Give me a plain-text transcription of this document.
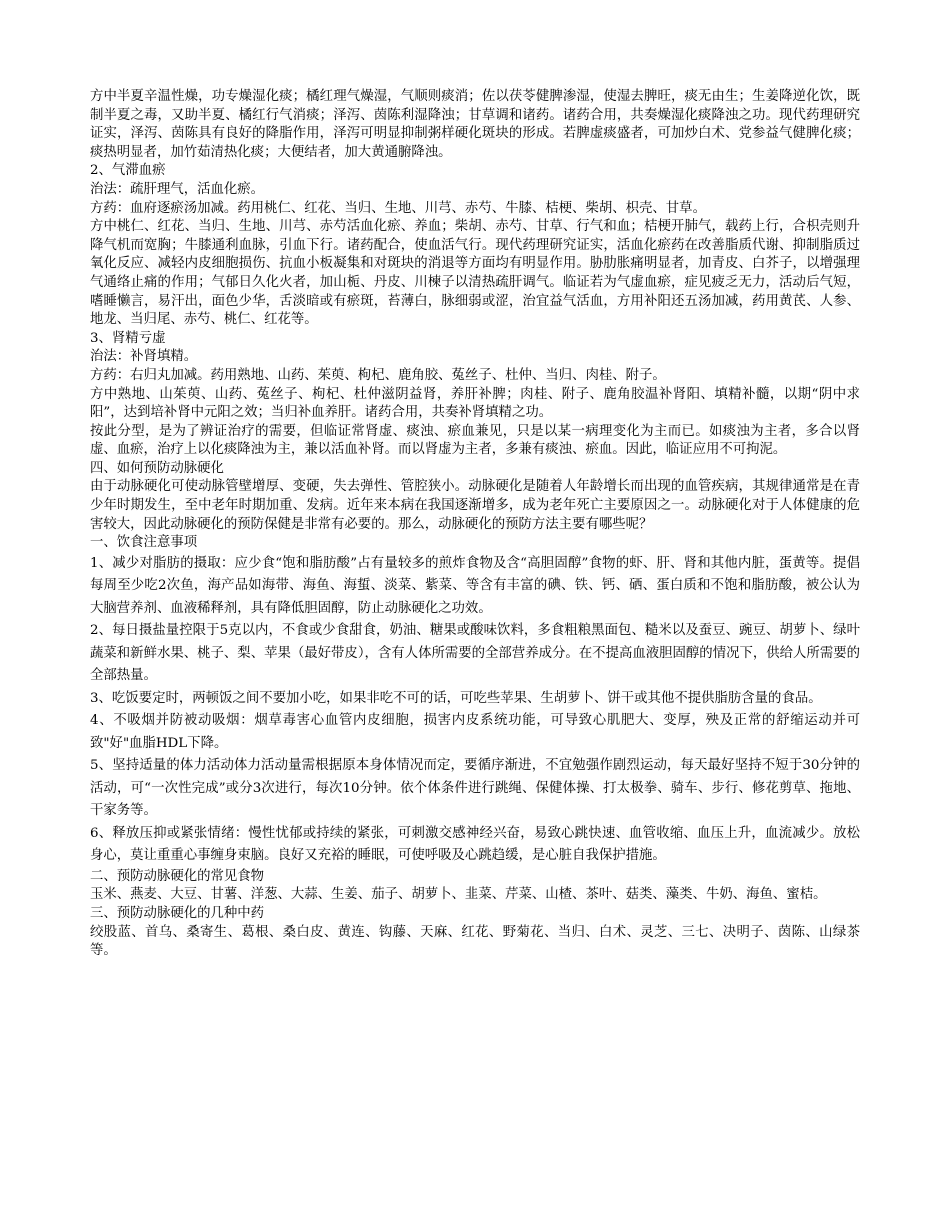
方中半夏辛温性燥，功专燥湿化痰；橘红理气燥湿，气顺则痰消；佐以茯苓健脾渗湿，使湿去脾旺，痰无由生；生姜降逆化饮，既制半夏之毒，又助半夏、橘红行气消痰；泽泻、茵陈利湿降浊；甘草调和诸药。诸药合用，共奏燥湿化痰降浊之功。现代药理研究证实，泽泻、茵陈具有良好的降脂作用，泽泻可明显抑制粥样硬化斑块的形成。若脾虚痰盛者，可加炒白术、党参益气健脾化痰；痰热明显者，加竹茹清热化痰；大便结者，加大黄通腑降浊。

2、气滞血瘀

治法：疏肝理气，活血化瘀。

方药：血府逐瘀汤加减。药用桃仁、红花、当归、生地、川芎、赤芍、牛膝、桔梗、柴胡、枳壳、甘草。

方中桃仁、红花、当归、生地、川芎、赤芍活血化瘀、养血；柴胡、赤芍、甘草、行气和血；桔梗开肺气，载药上行，合枳壳则升降气机而宽胸；牛膝通利血脉，引血下行。诸药配合，使血活气行。现代药理研究证实，活血化瘀药在改善脂质代谢、抑制脂质过氧化反应、减轻内皮细胞损伤、抗血小板凝集和对斑块的消退等方面均有明显作用。胁肋胀痛明显者，加青皮、白芥子，以增强理气通络止痛的作用；气郁日久化火者，加山栀、丹皮、川楝子以清热疏肝调气。临证若为气虚血瘀，症见疲乏无力，活动后气短，嗜睡懒言，易汗出，面色少华，舌淡暗或有瘀斑，苔薄白，脉细弱或涩，治宜益气活血，方用补阳还五汤加减，药用黄芪、人参、地龙、当归尾、赤芍、桃仁、红花等。

3、肾精亏虚

治法：补肾填精。

方药：右归丸加减。药用熟地、山药、茱萸、枸杞、鹿角胶、菟丝子、杜仲、当归、肉桂、附子。

方中熟地、山茱萸、山药、菟丝子、枸杞、杜仲滋阴益肾，养肝补脾；肉桂、附子、鹿角胶温补肾阳、填精补髓，以期“阴中求阳”，达到培补肾中元阳之效；当归补血养肝。诸药合用，共奏补肾填精之功。

按此分型，是为了辨证治疗的需要，但临证常肾虚、痰浊、瘀血兼见，只是以某一病理变化为主而已。如痰浊为主者，多合以肾虚、血瘀，治疗上以化痰降浊为主，兼以活血补肾。而以肾虚为主者，多兼有痰浊、瘀血。因此，临证应用不可拘泥。

四、如何预防动脉硬化

由于动脉硬化可使动脉管壁增厚、变硬，失去弹性、管腔狭小。动脉硬化是随着人年龄增长而出现的血管疾病，其规律通常是在青少年时期发生，至中老年时期加重、发病。近年来本病在我国逐渐增多，成为老年死亡主要原因之一。动脉硬化对于人体健康的危害较大，因此动脉硬化的预防保健是非常有必要的。那么，动脉硬化的预防方法主要有哪些呢？

一、饮食注意事项

1、减少对脂肪的摄取：应少食“饱和脂肪酸”占有量较多的煎炸食物及含“高胆固醇”食物的虾、肝、肾和其他内脏，蛋黄等。提倡每周至少吃2次鱼，海产品如海带、海鱼、海蜇、淡菜、紫菜、等含有丰富的碘、铁、钙、硒、蛋白质和不饱和脂肪酸，被公认为大脑营养剂、血液稀释剂，具有降低胆固醇，防止动脉硬化之功效。

2、每日摄盐量控限于5克以内，不食或少食甜食，奶油、糖果或酸味饮料，多食粗粮黑面包、糙米以及蚕豆、豌豆、胡萝卜、绿叶蔬菜和新鲜水果、桃子、梨、苹果（最好带皮），含有人体所需要的全部营养成分。在不提高血液胆固醇的情况下，供给人所需要的全部热量。

3、吃饭要定时，两顿饭之间不要加小吃，如果非吃不可的话，可吃些苹果、生胡萝卜、饼干或其他不提供脂肪含量的食品。

4、不吸烟并防被动吸烟：烟草毒害心血管内皮细胞，损害内皮系统功能，可导致心肌肥大、变厚，殃及正常的舒缩运动并可致"好"血脂HDL下降。

5、坚持适量的体力活动体力活动量需根据原本身体情况而定，要循序渐进，不宜勉强作剧烈运动，每天最好坚持不短于30分钟的活动，可“一次性完成”或分3次进行，每次10分钟。依个体条件进行跳绳、保健体操、打太极拳、骑车、步行、修花剪草、拖地、干家务等。

6、释放压抑或紧张情绪：慢性忧郁或持续的紧张，可刺激交感神经兴奋，易致心跳快速、血管收缩、血压上升，血流减少。放松身心，莫让重重心事缠身束脑。良好又充裕的睡眠，可使呼吸及心跳趋缓，是心脏自我保护措施。

二、预防动脉硬化的常见食物

玉米、燕麦、大豆、甘薯、洋葱、大蒜、生姜、茄子、胡萝卜、韭菜、芹菜、山楂、茶叶、菇类、藻类、牛奶、海鱼、蜜桔。

三、预防动脉硬化的几种中药

绞股蓝、首乌、桑寄生、葛根、桑白皮、黄连、钩藤、天麻、红花、野菊花、当归、白术、灵芝、三七、决明子、茵陈、山绿茶等。
